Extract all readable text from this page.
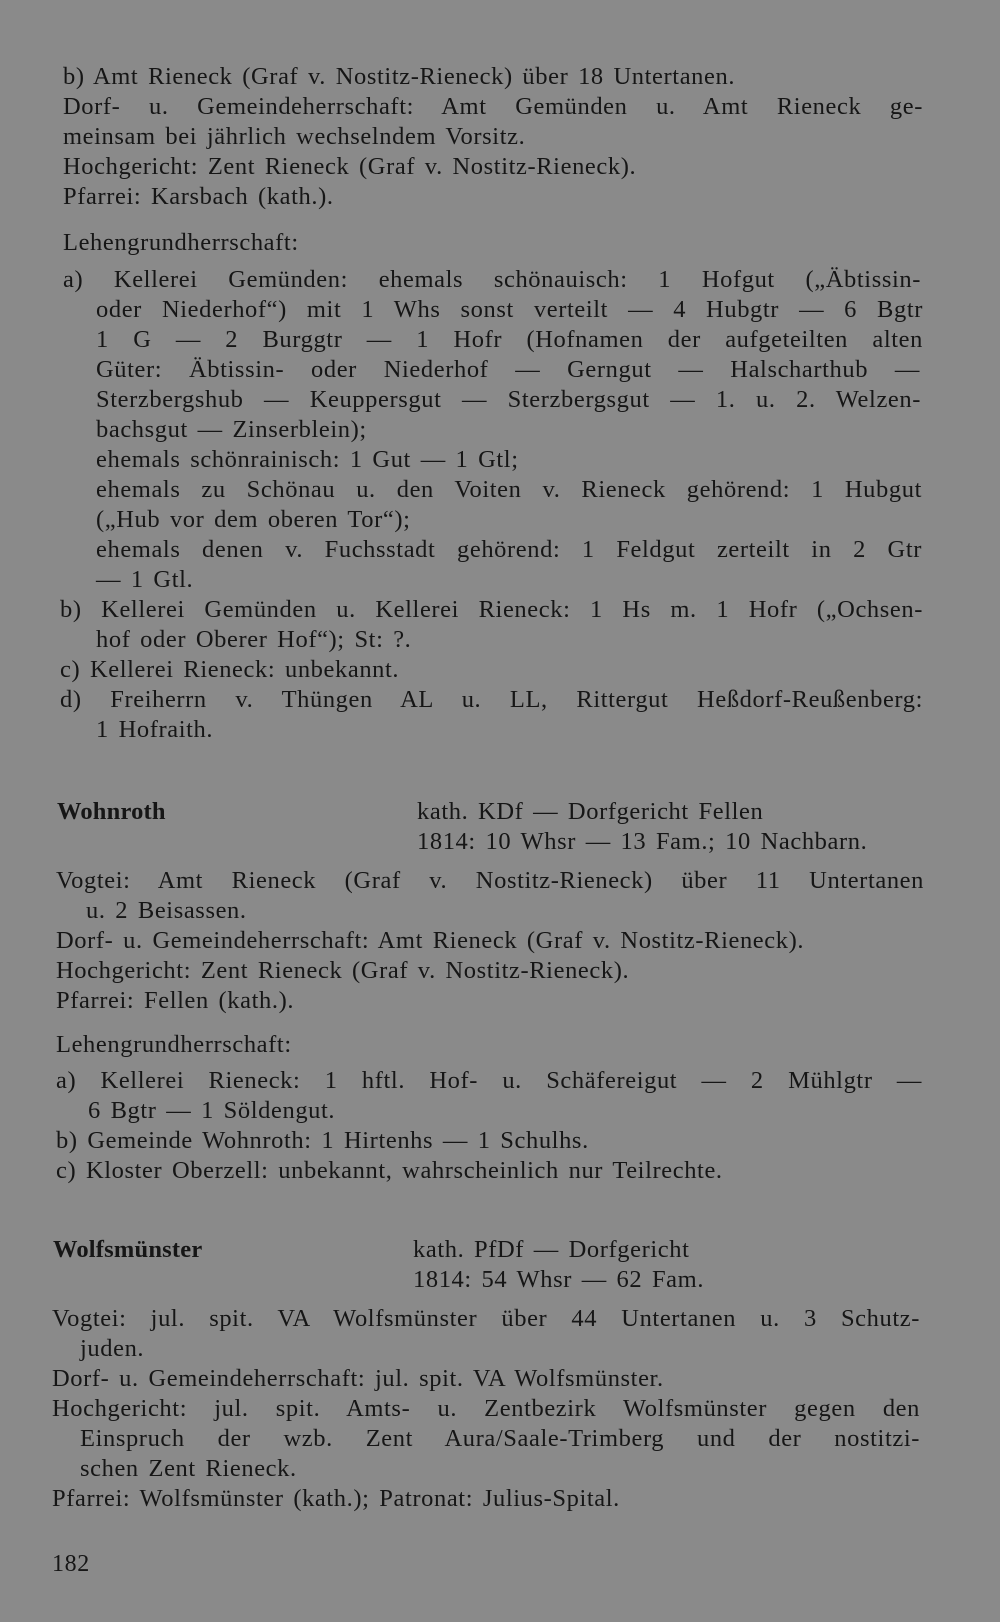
b) Amt Rieneck (Graf v. Nostitz-Rieneck) über 18 Untertanen.
Dorf- u. Gemeindeherrschaft: Amt Gemünden u. Amt Rieneck ge-
meinsam bei jährlich wechselndem Vorsitz.
Hochgericht: Zent Rieneck (Graf v. Nostitz-Rieneck).
Pfarrei: Karsbach (kath.).
Lehengrundherrschaft:
a) Kellerei Gemünden: ehemals schönauisch: 1 Hofgut („Äbtissin-
oder Niederhof“) mit 1 Whs sonst verteilt — 4 Hubgtr — 6 Bgtr
1 G — 2 Burggtr — 1 Hofr (Hofnamen der aufgeteilten alten
Güter: Äbtissin- oder Niederhof — Gerngut — Halscharthub —
Sterzbergshub — Keuppersgut — Sterzbergsgut — 1. u. 2. Welzen-
bachsgut — Zinserblein);
ehemals schönrainisch: 1 Gut — 1 Gtl;
ehemals zu Schönau u. den Voiten v. Rieneck gehörend: 1 Hubgut
(„Hub vor dem oberen Tor“);
ehemals denen v. Fuchsstadt gehörend: 1 Feldgut zerteilt in 2 Gtr
— 1 Gtl.
b) Kellerei Gemünden u. Kellerei Rieneck: 1 Hs m. 1 Hofr („Ochsen-
hof oder Oberer Hof“); St: ?.
c) Kellerei Rieneck: unbekannt.
d) Freiherrn v. Thüngen AL u. LL, Rittergut Heßdorf-Reußenberg:
1 Hofraith.
Wohnroth	kath. KDf — Dorfgericht Fellen
1814: 10 Whsr — 13 Fam.; 10 Nachbarn.
Vogtei: Amt Rieneck (Graf v. Nostitz-Rieneck) über 11 Untertanen
u. 2 Beisassen.
Dorf- u. Gemeindeherrschaft: Amt Rieneck (Graf v. Nostitz-Rieneck).
Hochgericht: Zent Rieneck (Graf v. Nostitz-Rieneck).
Pfarrei: Fellen (kath.).
Lehengrundherrschaft:
a) Kellerei Rieneck: 1 hftl. Hof- u. Schäfereigut — 2 Mühlgtr —
6 Bgtr — 1 Söldengut.
b) Gemeinde Wohnroth: 1 Hirtenhs — 1 Schulhs.
c) Kloster Oberzell: unbekannt, wahrscheinlich nur Teilrechte.
Wolfsmünster	kath. PfDf — Dorfgericht
1814: 54 Whsr — 62 Fam.
Vogtei: jul. spit. VA Wolfsmünster über 44 Untertanen u. 3 Schutz-
juden.
Dorf- u. Gemeindeherrschaft: jul. spit. VA Wolfsmünster.
Hochgericht: jul. spit. Amts- u. Zentbezirk Wolfsmünster gegen den
Einspruch der wzb. Zent Aura/Saale-Trimberg und der nostitzi-
schen Zent Rieneck.
Pfarrei: Wolfsmünster (kath.); Patronat: Julius-Spital.
182
